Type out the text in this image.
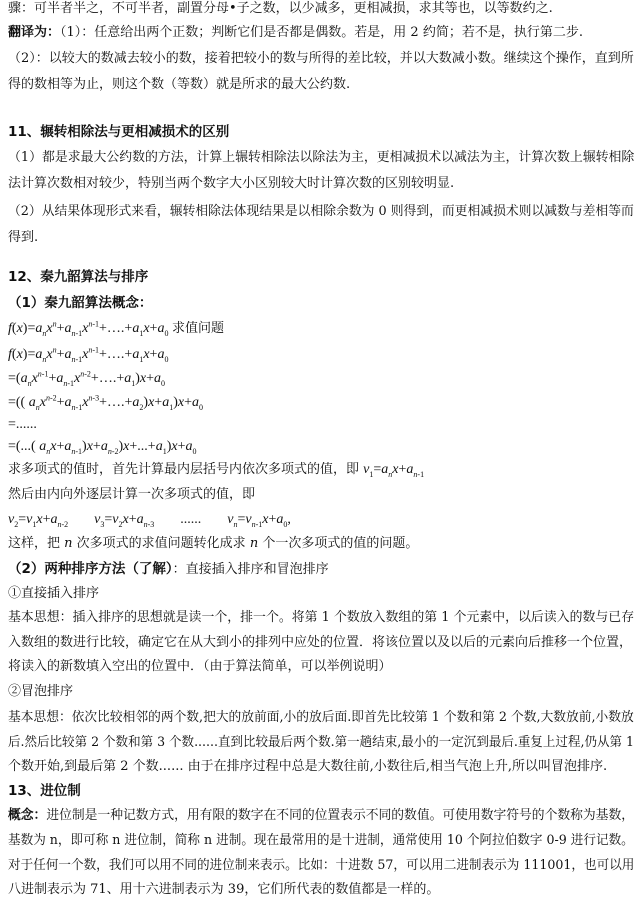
骤：可半者半之，不可半者，副置分母•子之数，以少减多，更相减损，求其等也，以等数约之.
翻译为：（1）：任意给出两个正数；判断它们是否都是偶数。若是，用 2 约简；若不是，执行第二步.
（2）：以较大的数减去较小的数，接着把较小的数与所得的差比较，并以大数减小数。继续这个操作，直到所
得的数相等为止，则这个数（等数）就是所求的最大公约数.
11、辗转相除法与更相减损术的区别
（1）都是求最大公约数的方法，计算上辗转相除法以除法为主，更相减损术以减法为主，计算次数上辗转相除
法计算次数相对较少，特别当两个数字大小区别较大时计算次数的区别较明显.
（2）从结果体现形式来看，辗转相除法体现结果是以相除余数为 0 则得到，而更相减损术则以减数与差相等而
得到.
12、秦九韶算法与排序
（1）秦九韶算法概念：
$f(x)=a_nx^n+a_{n-1}x^{n-1}+\dots.+a_1x+a_0$ 求值问题
$f(x)=a_nx^n+a_{n-1}x^{n-1}+\dots.+a_1x+a_0$
$=(a_nx^{n-1}+a_{n-1}x^{n-2}+\dots.+a_1)x+a_0$
=(( $a_nx^{n-2}+a_{n-1}x^{n-3}+\dots.+a_2)x+a_1)x+a_0$
=......
=(...( $a_nx+a_{n-1})x+a_{n-2})x+...+a_1)x+a_0$
求多项式的值时，首先计算最内层括号内依次多项式的值，即 $v_1=a_nx+a_{n-1}$
然后由内向外逐层计算一次多项式的值，即
$v_2=v_1x+a_{n-2}$ $v_3=v_2x+a_{n-3}$ ...... $v_n=v_{n-1}x+a_0$,
这样，把 n 次多项式的求值问题转化成求 n 个一次多项式的值的问题。
（2）两种排序方法（了解）：直接插入排序和冒泡排序
①直接插入排序
基本思想：插入排序的思想就是读一个，排一个。将第 1 个数放入数组的第 1 个元素中，以后读入的数与已存
入数组的数进行比较，确定它在从大到小的排列中应处的位置．将该位置以及以后的元素向后推移一个位置，
将读入的新数填入空出的位置中．（由于算法简单，可以举例说明）
②冒泡排序
基本思想：依次比较相邻的两个数,把大的放前面,小的放后面.即首先比较第 1 个数和第 2 个数,大数放前,小数放
后.然后比较第 2 个数和第 3 个数......直到比较最后两个数.第一趟结束,最小的一定沉到最后.重复上过程,仍从第 1
个数开始,到最后第 2 个数...... 由于在排序过程中总是大数往前,小数往后,相当气泡上升,所以叫冒泡排序.
13、进位制
概念：进位制是一种记数方式，用有限的数字在不同的位置表示不同的数值。可使用数字符号的个数称为基数，
基数为 n，即可称 n 进位制，简称 n 进制。现在最常用的是十进制，通常使用 10 个阿拉伯数字 0-9 进行记数。
对于任何一个数，我们可以用不同的进位制来表示。比如：十进数 57，可以用二进制表示为 111001，也可以用
八进制表示为 71、用十六进制表示为 39，它们所代表的数值都是一样的。
